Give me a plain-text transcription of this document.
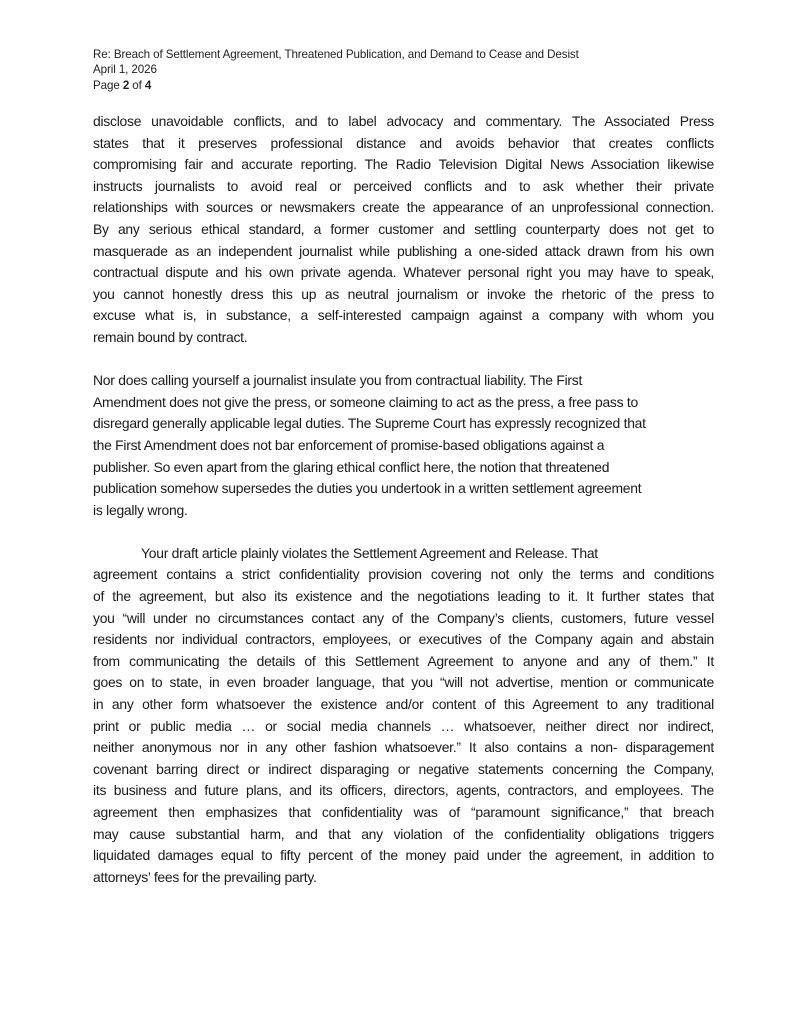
Re: Breach of Settlement Agreement, Threatened Publication, and Demand to Cease and Desist
April 1, 2026
Page 2 of 4
disclose unavoidable conflicts, and to label advocacy and commentary. The Associated Press
states that it preserves professional distance and avoids behavior that creates conflicts
compromising fair and accurate reporting. The Radio Television Digital News Association likewise
instructs journalists to avoid real or perceived conflicts and to ask whether their private
relationships with sources or newsmakers create the appearance of an unprofessional connection.
By any serious ethical standard, a former customer and settling counterparty does not get to
masquerade as an independent journalist while publishing a one-sided attack drawn from his own
contractual dispute and his own private agenda. Whatever personal right you may have to speak,
you cannot honestly dress this up as neutral journalism or invoke the rhetoric of the press to
excuse what is, in substance, a self-interested campaign against a company with whom you
remain bound by contract.
Nor does calling yourself a journalist insulate you from contractual liability. The First
Amendment does not give the press, or someone claiming to act as the press, a free pass to
disregard generally applicable legal duties. The Supreme Court has expressly recognized that
the First Amendment does not bar enforcement of promise-based obligations against a
publisher. So even apart from the glaring ethical conflict here, the notion that threatened
publication somehow supersedes the duties you undertook in a written settlement agreement
is legally wrong.
Your draft article plainly violates the Settlement Agreement and Release. That
agreement contains a strict confidentiality provision covering not only the terms and conditions
of the agreement, but also its existence and the negotiations leading to it. It further states that
you “will under no circumstances contact any of the Company’s clients, customers, future vessel
residents nor individual contractors, employees, or executives of the Company again and abstain
from communicating the details of this Settlement Agreement to anyone and any of them.” It
goes on to state, in even broader language, that you “will not advertise, mention or communicate
in any other form whatsoever the existence and/or content of this Agreement to any traditional
print or public media … or social media channels … whatsoever, neither direct nor indirect,
neither anonymous nor in any other fashion whatsoever.” It also contains a non- disparagement
covenant barring direct or indirect disparaging or negative statements concerning the Company,
its business and future plans, and its officers, directors, agents, contractors, and employees. The
agreement then emphasizes that confidentiality was of “paramount significance,” that breach
may cause substantial harm, and that any violation of the confidentiality obligations triggers
liquidated damages equal to fifty percent of the money paid under the agreement, in addition to
attorneys’ fees for the prevailing party.
